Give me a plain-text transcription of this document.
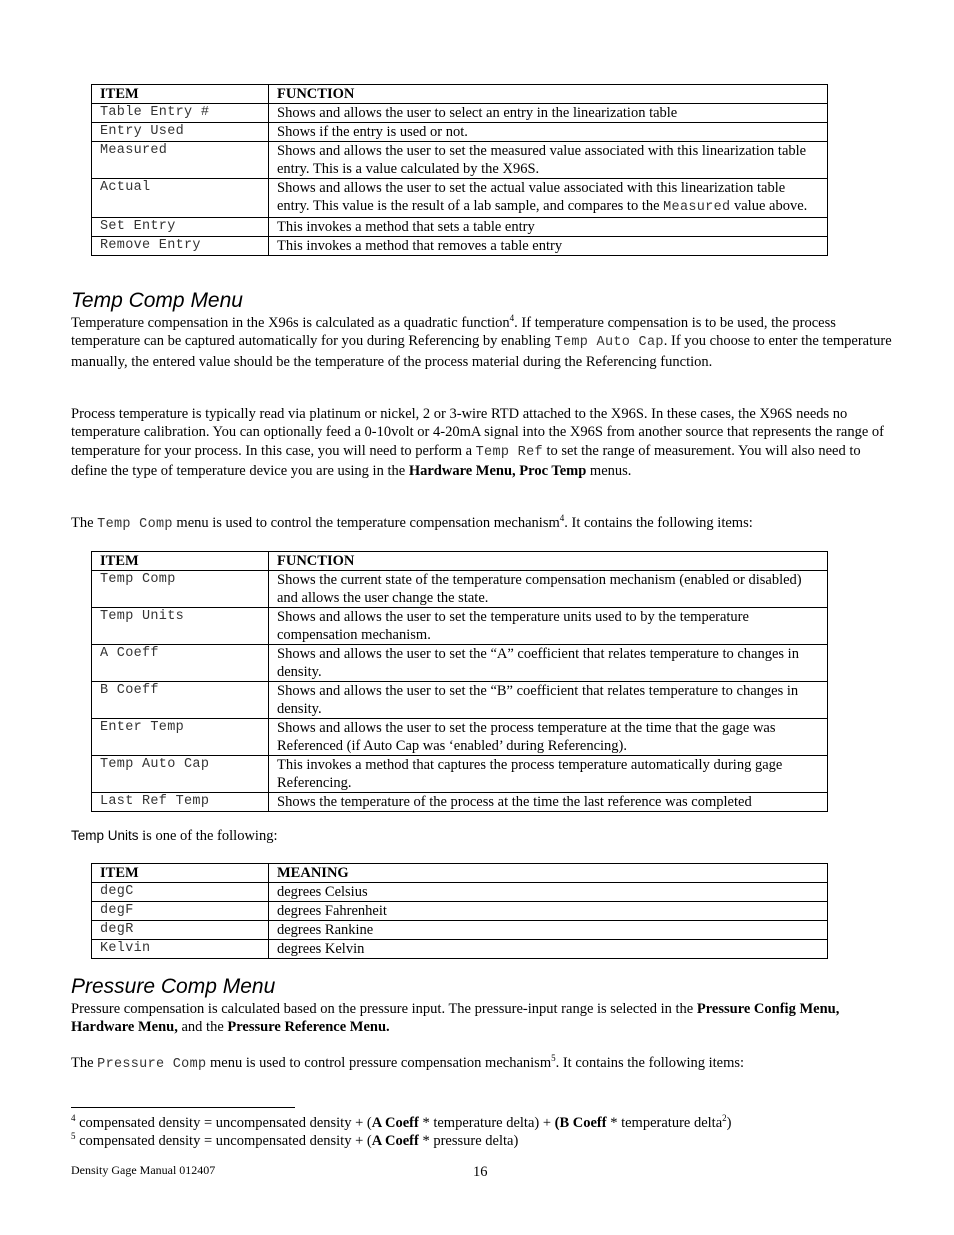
ITEM	FUNCTION
Table Entry #	Shows and allows the user to select an entry in the linearization table
Entry Used	Shows if the entry is used or not.
Measured	Shows and allows the user to set the measured value associated with this linearization table entry. This is a value calculated by the X96S.
Actual	Shows and allows the user to set the actual value associated with this linearization table entry. This value is the result of a lab sample, and compares to the Measured value above.
Set Entry	This invokes a method that sets a table entry
Remove Entry	This invokes a method that removes a table entry
Temp Comp Menu

Temperature compensation in the X96s is calculated as a quadratic function$^4$. If temperature compensation is to be used, the process temperature can be captured automatically for you during Referencing by enabling Temp Auto Cap. If you choose to enter the temperature manually, the entered value should be the temperature of the process material during the Referencing function.

Process temperature is typically read via platinum or nickel, 2 or 3-wire RTD attached to the X96S. In these cases, the X96S needs no temperature calibration. You can optionally feed a 0-10volt or 4-20mA signal into the X96S from another source that represents the range of temperature for your process. In this case, you will need to perform a Temp Ref to set the range of measurement. You will also need to define the type of temperature device you are using in the Hardware Menu, Proc Temp menus.

The Temp Comp menu is used to control the temperature compensation mechanism$^4$. It contains the following items:

ITEM	FUNCTION
Temp Comp	Shows the current state of the temperature compensation mechanism (enabled or disabled) and allows the user change the state.
Temp Units	Shows and allows the user to set the temperature units used to by the temperature compensation mechanism.
A Coeff	Shows and allows the user to set the “A” coefficient that relates temperature to changes in density.
B Coeff	Shows and allows the user to set the “B” coefficient that relates temperature to changes in density.
Enter Temp	Shows and allows the user to set the process temperature at the time that the gage was Referenced (if Auto Cap was ‘enabled’ during Referencing).
Temp Auto Cap	This invokes a method that captures the process temperature automatically during gage Referencing.
Last Ref Temp	Shows the temperature of the process at the time the last reference was completed

Temp Units is one of the following:

ITEM	MEANING
degC	degrees Celsius
degF	degrees Fahrenheit
degR	degrees Rankine
Kelvin	degrees Kelvin
Pressure Comp Menu

Pressure compensation is calculated based on the pressure input. The pressure-input range is selected in the Pressure Config Menu, Hardware Menu, and the Pressure Reference Menu.

The Pressure Comp menu is used to control pressure compensation mechanism$^5$. It contains the following items:

$^4$ compensated density = uncompensated density + (A Coeff * temperature delta) + (B Coeff * temperature delta$^2$)

$^5$ compensated density = uncompensated density + (A Coeff * pressure delta)

Density Gage Manual 012407	16
